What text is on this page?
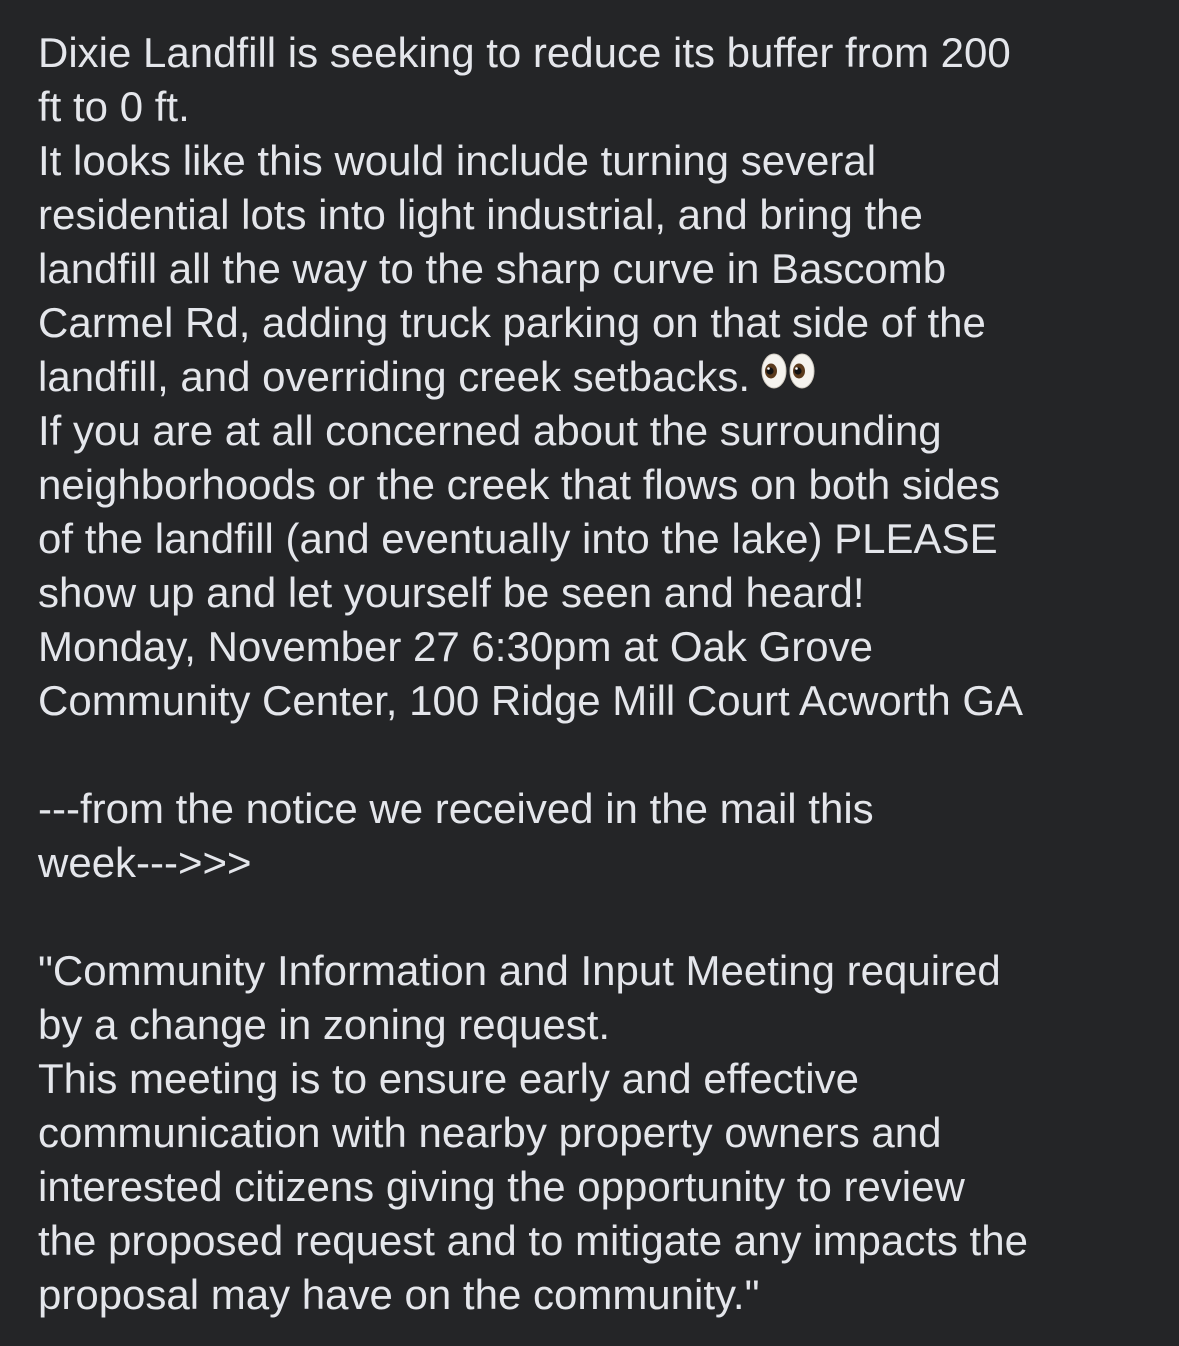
Dixie Landfill is seeking to reduce its buffer from 200
ft to 0 ft.
It looks like this would include turning several
residential lots into light industrial, and bring the
landfill all the way to the sharp curve in Bascomb
Carmel Rd, adding truck parking on that side of the
landfill, and overriding creek setbacks.
If you are at all concerned about the surrounding
neighborhoods or the creek that flows on both sides
of the landfill (and eventually into the lake) PLEASE
show up and let yourself be seen and heard!
Monday, November 27 6:30pm at Oak Grove
Community Center, 100 Ridge Mill Court Acworth GA
---from the notice we received in the mail this
week--->>>
"Community Information and Input Meeting required
by a change in zoning request.
This meeting is to ensure early and effective
communication with nearby property owners and
interested citizens giving the opportunity to review
the proposed request and to mitigate any impacts the
proposal may have on the community."
